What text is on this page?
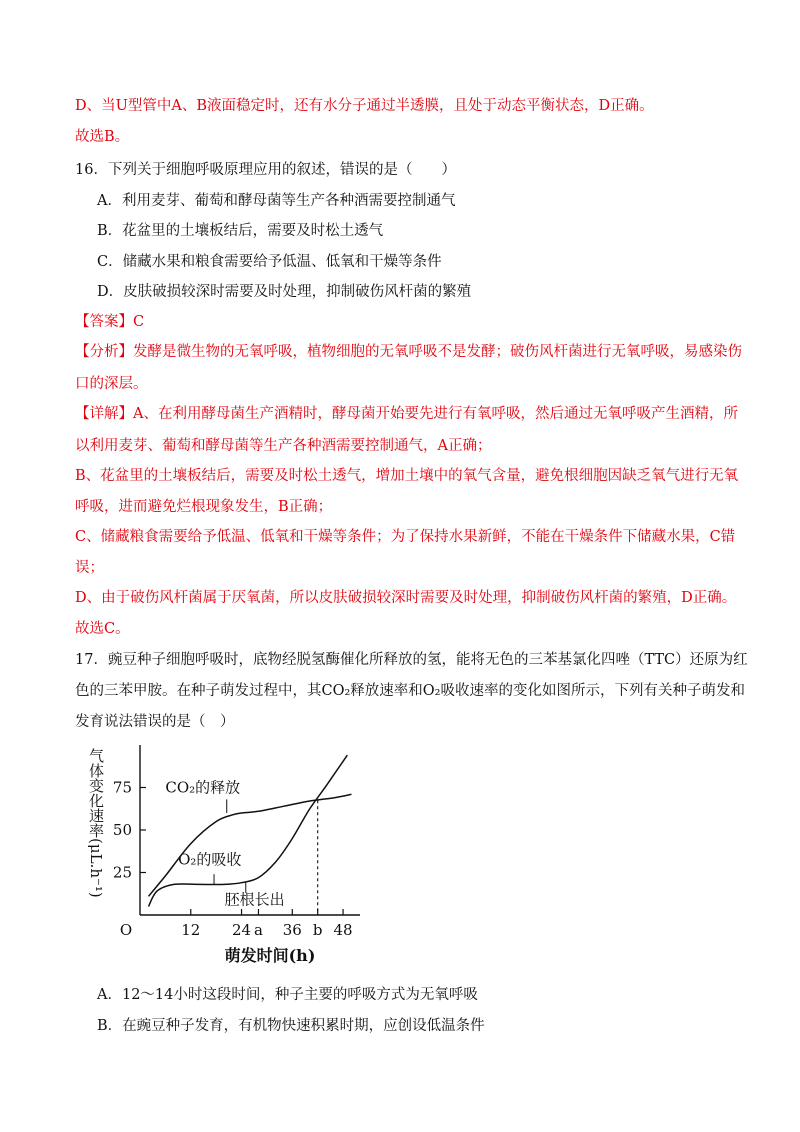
D、当U型管中A、B液面稳定时，还有水分子通过半透膜，且处于动态平衡状态，D正确。
故选B。
16．下列关于细胞呼吸原理应用的叙述，错误的是（　　）
A．利用麦芽、葡萄和酵母菌等生产各种酒需要控制通气
B．花盆里的土壤板结后，需要及时松土透气
C．储藏水果和粮食需要给予低温、低氧和干燥等条件
D．皮肤破损较深时需要及时处理，抑制破伤风杆菌的繁殖
【答案】C
【分析】发酵是微生物的无氧呼吸，植物细胞的无氧呼吸不是发酵；破伤风杆菌进行无氧呼吸，易感染伤
口的深层。
【详解】A、在利用酵母菌生产酒精时，酵母菌开始要先进行有氧呼吸，然后通过无氧呼吸产生酒精，所
以利用麦芽、葡萄和酵母菌等生产各种酒需要控制通气，A正确；
B、花盆里的土壤板结后，需要及时松土透气，增加土壤中的氧气含量，避免根细胞因缺乏氧气进行无氧
呼吸，进而避免烂根现象发生，B正确；
C、储藏粮食需要给予低温、低氧和干燥等条件；为了保持水果新鲜，不能在干燥条件下储藏水果，C错
误；
D、由于破伤风杆菌属于厌氧菌，所以皮肤破损较深时需要及时处理，抑制破伤风杆菌的繁殖，D正确。
故选C。
17．豌豆种子细胞呼吸时，底物经脱氢酶催化所释放的氢，能将无色的三苯基氯化四唑（TTC）还原为红
色的三苯甲胺。在种子萌发过程中，其CO₂释放速率和O₂吸收速率的变化如图所示，下列有关种子萌发和
发育说法错误的是（　）
A．12～14小时这段时间，种子主要的呼吸方式为无氧呼吸
B．在豌豆种子发育，有机物快速积累时期，应创设低温条件
气体变化速率(μL.h⁻¹)
12 24 a 36 b 48
25
50
75
O
萌发时间(h)
CO₂的释放
O₂的吸收
胚根长出
